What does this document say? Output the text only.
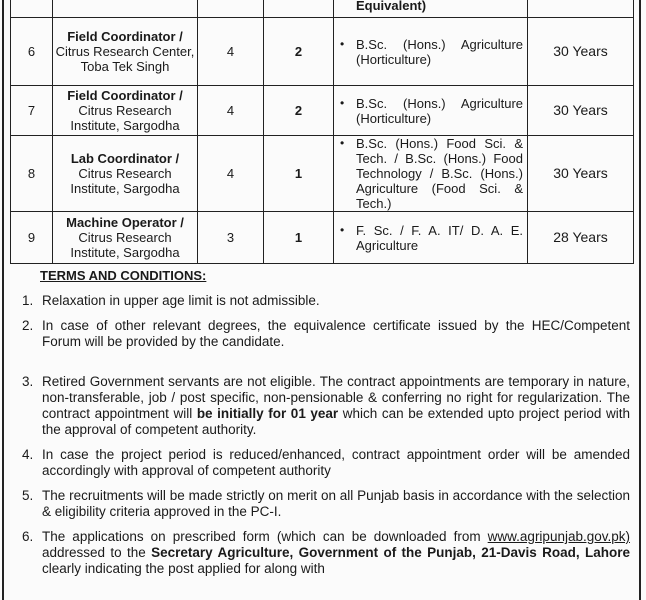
				Equivalent)	

6	Field Coordinator /
Citrus Research Center, Toba Tek Singh	4	2	• B.Sc. (Hons.) Agriculture (Horticulture)	30 Years
7	Field Coordinator /
Citrus Research Institute, Sargodha	4	2	• B.Sc. (Hons.) Agriculture (Horticulture)	30 Years
8	Lab Coordinator /
Citrus Research Institute, Sargodha	4	1	• B.Sc. (Hons.) Food Sci. & Tech. / B.Sc. (Hons.) Food Technology / B.Sc. (Hons.) Agriculture (Food Sci. & Tech.)	30 Years
9	Machine Operator /
Citrus Research Institute, Sargodha	3	1	• F. Sc. / F. A. IT/ D. A. E. Agriculture	28 Years
TERMS AND CONDITIONS:
1. Relaxation in upper age limit is not admissible.
2. In case of other relevant degrees, the equivalence certificate issued by the HEC/Competent Forum will be provided by the candidate.
3. Retired Government servants are not eligible. The contract appointments are temporary in nature, non-transferable, job / post specific, non-pensionable & conferring no right for regularization. The contract appointment will be initially for 01 year which can be extended upto project period with the approval of competent authority.
4. In case the project period is reduced/enhanced, contract appointment order will be amended accordingly with approval of competent authority
5. The recruitments will be made strictly on merit on all Punjab basis in accordance with the selection & eligibility criteria approved in the PC-I.
6. The applications on prescribed form (which can be downloaded from www.agripunjab.gov.pk) addressed to the Secretary Agriculture, Government of the Punjab, 21-Davis Road, Lahore clearly indicating the post applied for along with
